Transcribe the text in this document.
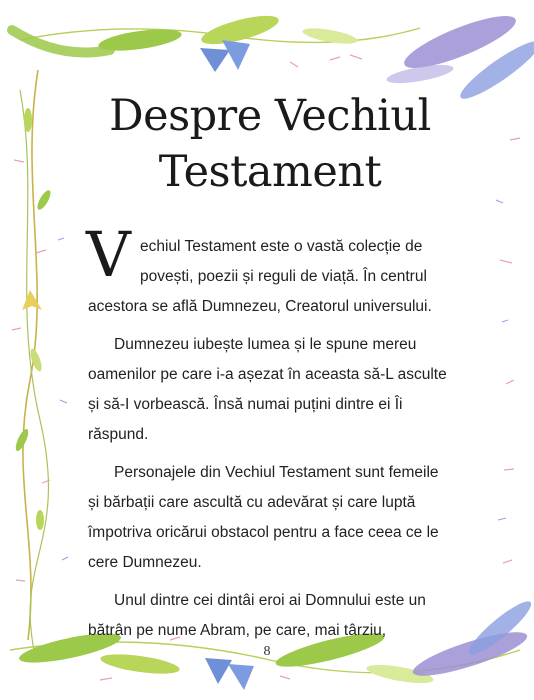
Despre Vechiul
Testament

V echiul Testament este o vastă colecție de
povești, poezii și reguli de viață. În centrul
acestora se află Dumnezeu, Creatorul universului.

Dumnezeu iubește lumea și le spune mereu
oamenilor pe care i-a așezat în aceasta să-L asculte
și să-I vorbească. Însă numai puțini dintre ei Îi
răspund.

Personajele din Vechiul Testament sunt femeile
și bărbații care ascultă cu adevărat și care luptă
împotriva oricărui obstacol pentru a face ceea ce le
cere Dumnezeu.

Unul dintre cei dintâi eroi ai Domnului este un
bătrân pe nume Abram, pe care, mai târziu,

8
